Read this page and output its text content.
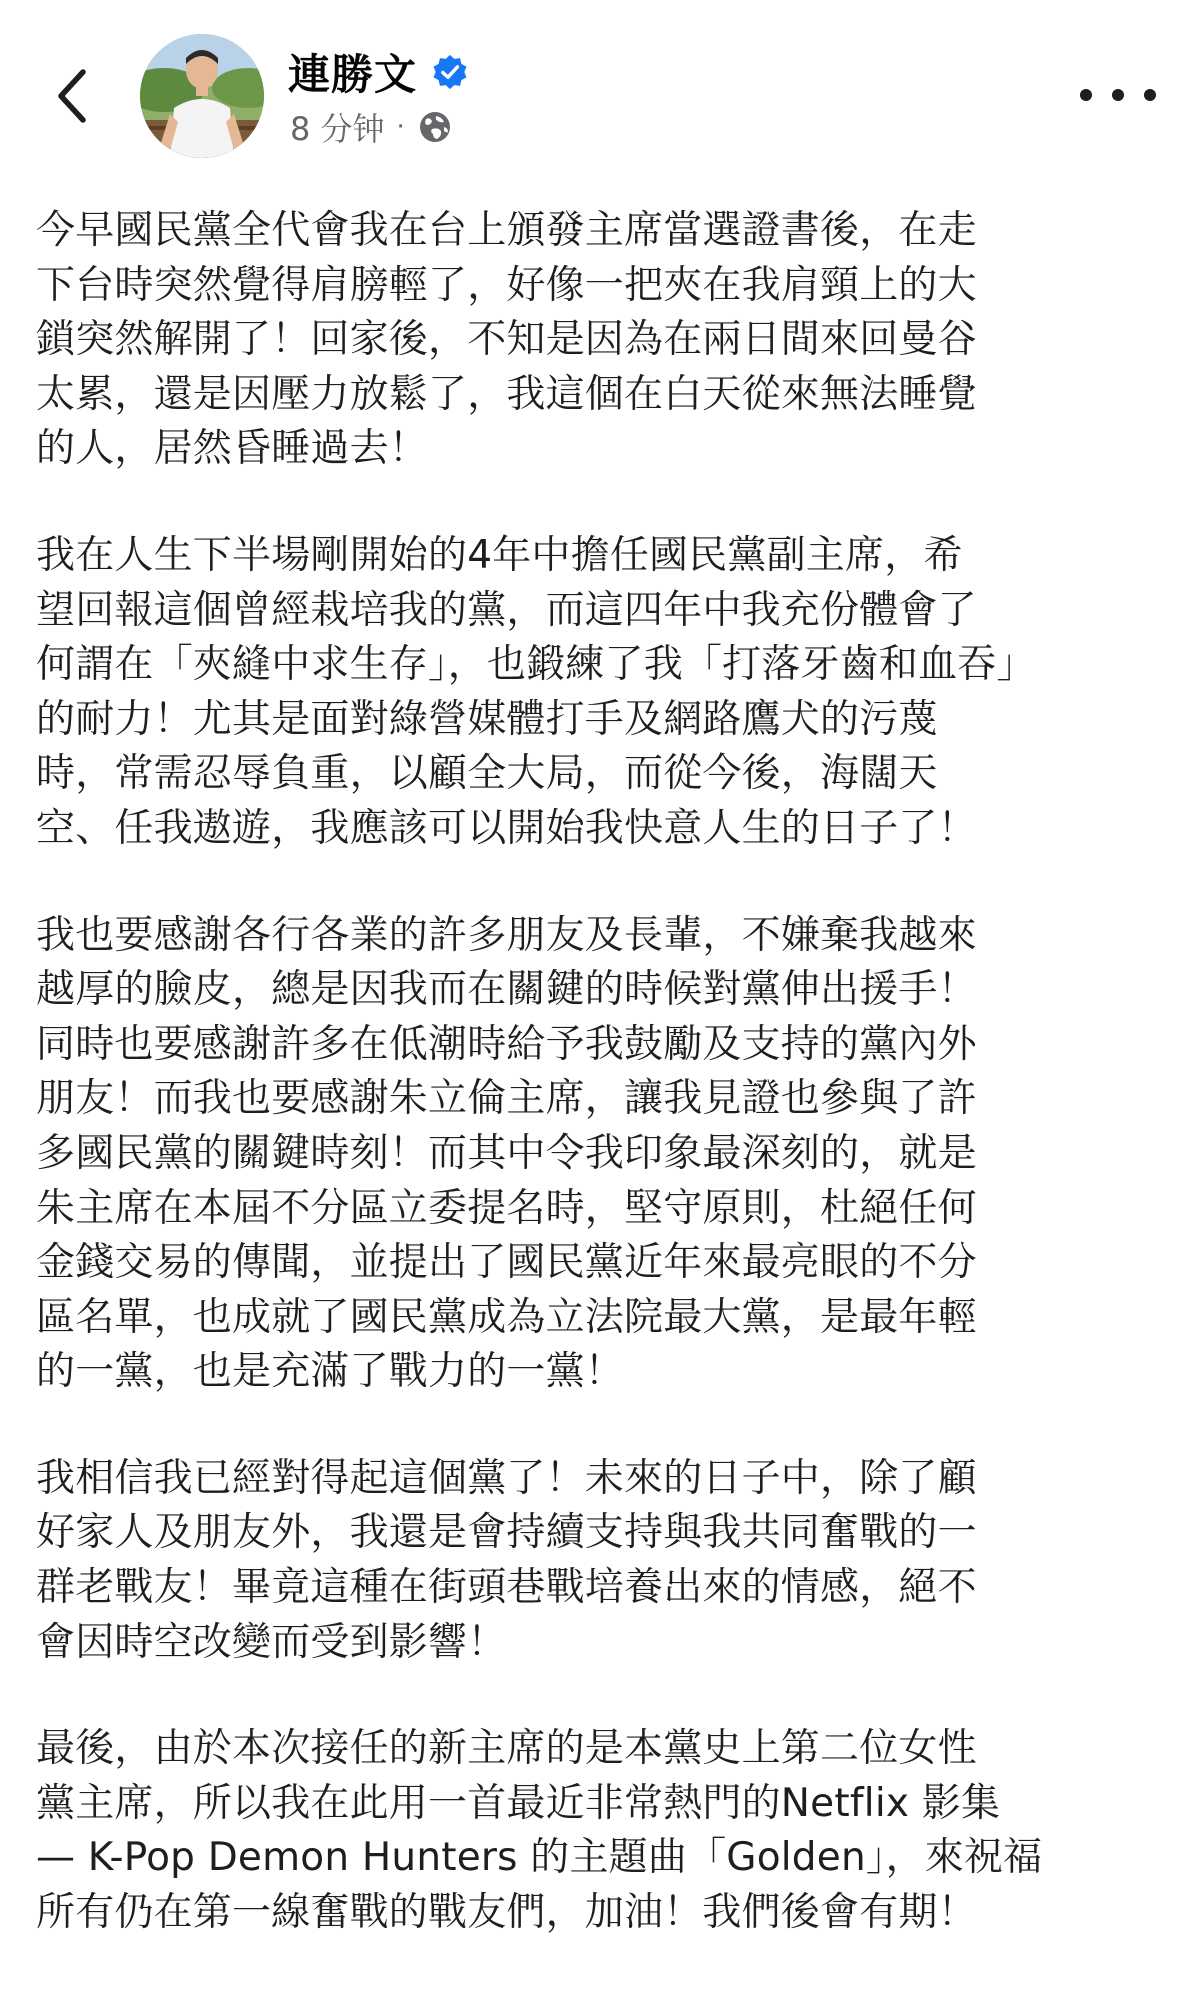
連勝文
8 分钟 ·

今早國民黨全代會我在台上頒發主席當選證書後，在走
下台時突然覺得肩膀輕了，好像一把夾在我肩頸上的大
鎖突然解開了！回家後，不知是因為在兩日間來回曼谷
太累，還是因壓力放鬆了，我這個在白天從來無法睡覺
的人，居然昏睡過去！

我在人生下半場剛開始的4年中擔任國民黨副主席，希
望回報這個曾經栽培我的黨，而這四年中我充份體會了
何謂在「夾縫中求生存」，也鍛練了我「打落牙齒和血吞」
的耐力！尤其是面對綠營媒體打手及網路鷹犬的污蔑
時，常需忍辱負重，以顧全大局，而從今後，海闊天
空、任我遨遊，我應該可以開始我快意人生的日子了！

我也要感謝各行各業的許多朋友及長輩，不嫌棄我越來
越厚的臉皮，總是因我而在關鍵的時候對黨伸出援手！
同時也要感謝許多在低潮時給予我鼓勵及支持的黨內外
朋友！而我也要感謝朱立倫主席，讓我見證也參與了許
多國民黨的關鍵時刻！而其中令我印象最深刻的，就是
朱主席在本屆不分區立委提名時，堅守原則，杜絕任何
金錢交易的傳聞，並提出了國民黨近年來最亮眼的不分
區名單，也成就了國民黨成為立法院最大黨，是最年輕
的一黨，也是充滿了戰力的一黨！

我相信我已經對得起這個黨了！未來的日子中，除了顧
好家人及朋友外，我還是會持續支持與我共同奮戰的一
群老戰友！畢竟這種在街頭巷戰培養出來的情感，絕不
會因時空改變而受到影響！

最後，由於本次接任的新主席的是本黨史上第二位女性
黨主席，所以我在此用一首最近非常熱門的Netflix 影集
— K-Pop Demon Hunters 的主題曲「Golden」，來祝福
所有仍在第一線奮戰的戰友們，加油！我們後會有期！
